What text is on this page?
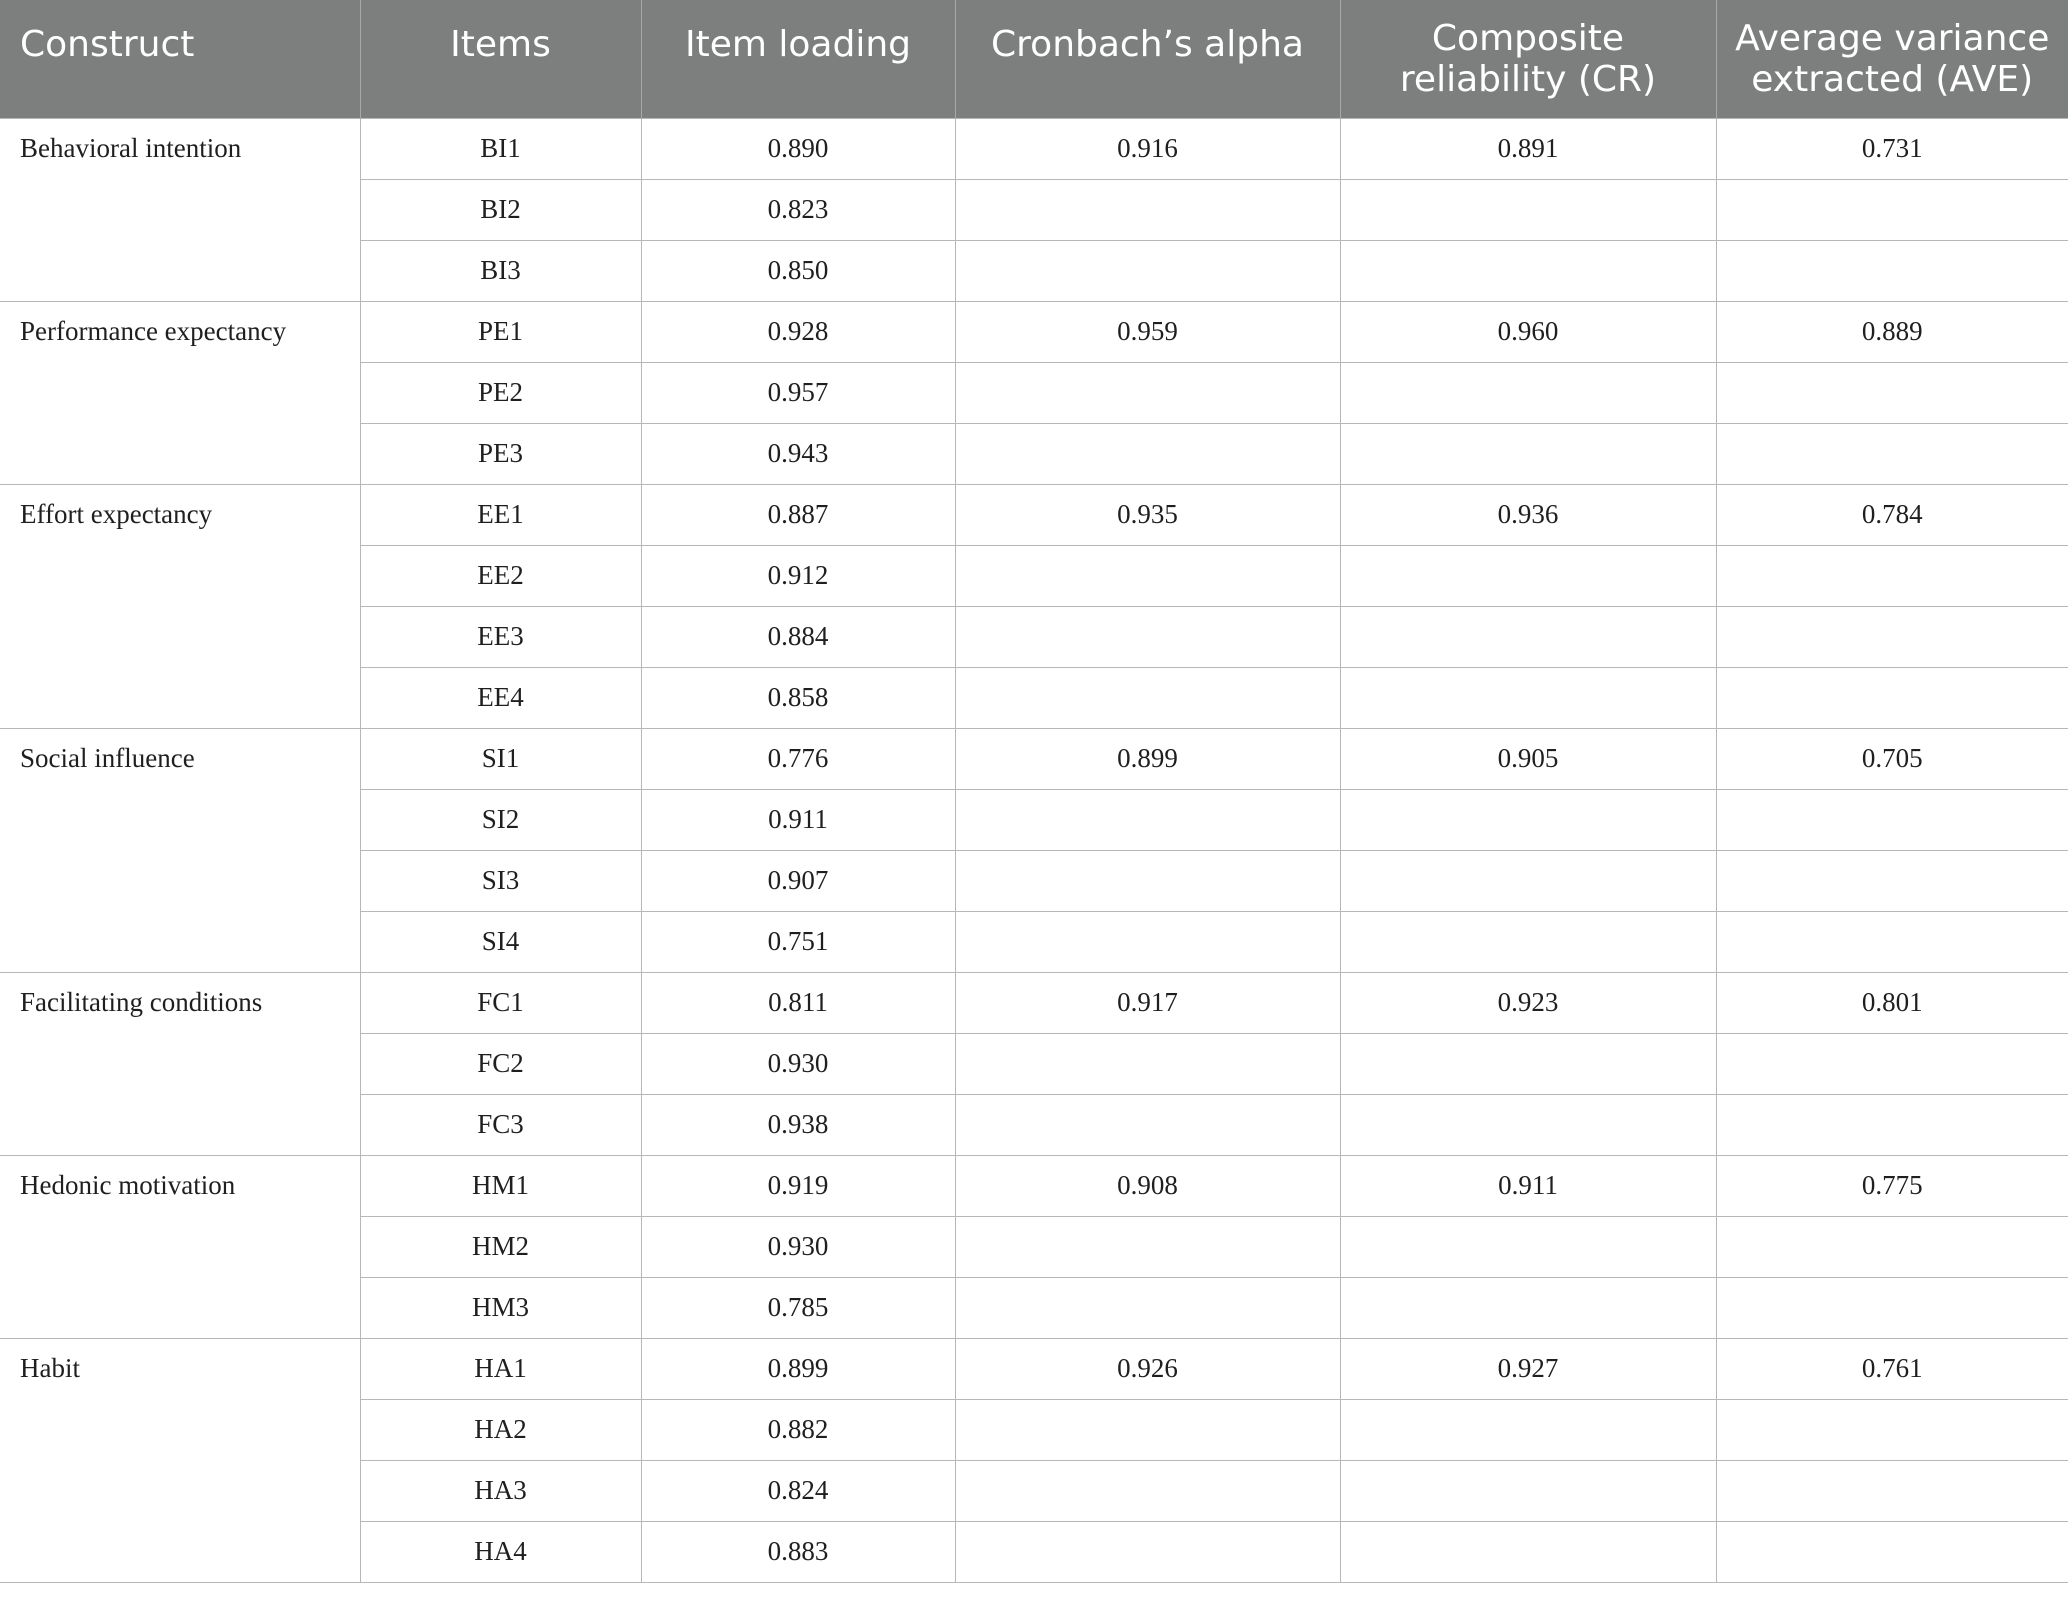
Construct	Items	Item loading	Cronbach’s alpha	Composite reliability (CR)	Average variance extracted (AVE)
Behavioral intention	BI1	0.890	0.916	0.891	0.731
	BI2	0.823			
	BI3	0.850			
Performance expectancy	PE1	0.928	0.959	0.960	0.889
	PE2	0.957			
	PE3	0.943			
Effort expectancy	EE1	0.887	0.935	0.936	0.784
	EE2	0.912			
	EE3	0.884			
	EE4	0.858			
Social influence	SI1	0.776	0.899	0.905	0.705
	SI2	0.911			
	SI3	0.907			
	SI4	0.751			
Facilitating conditions	FC1	0.811	0.917	0.923	0.801
	FC2	0.930			
	FC3	0.938			
Hedonic motivation	HM1	0.919	0.908	0.911	0.775
	HM2	0.930			
	HM3	0.785			
Habit	HA1	0.899	0.926	0.927	0.761
	HA2	0.882			
	HA3	0.824			
	HA4	0.883			
